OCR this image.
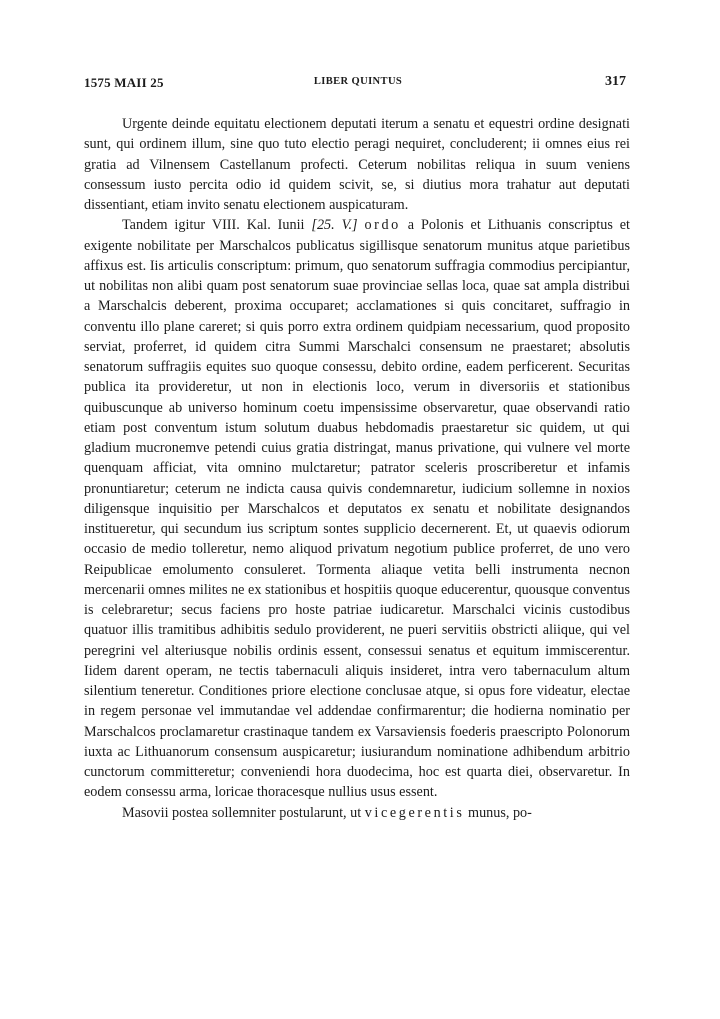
1575 MAII 25	LIBER QUINTUS	317

Urgente deinde equitatu electionem deputati iterum a senatu et equestri ordine designati sunt, qui ordinem illum, sine quo tuto electio peragi nequiret, concluderent; ii omnes eius rei gratia ad Vilnensem Castellanum profecti. Ceterum nobilitas reliqua in suum veniens consessum iusto percita odio id quidem scivit, se, si diutius mora trahatur aut deputati dissentiant, etiam invito senatu electionem auspicaturam.

Tandem igitur VIII. Kal. Iunii [25. V.] ordo a Polonis et Lithuanis conscriptus et exigente nobilitate per Marschalcos publicatus sigillisque senatorum munitus atque parietibus affixus est. Iis articulis conscriptum: primum, quo senatorum suffragia commodius percipiantur, ut nobilitas non alibi quam post senatorum suae provinciae sellas loca, quae sat ampla distribui a Marschalcis deberent, proxima occuparet; acclamationes si quis concitaret, suffragio in conventu illo plane careret; si quis porro extra ordinem quidpiam necessarium, quod proposito serviat, proferret, id quidem citra Summi Marschalci consensum ne praestaret; absolutis senatorum suffragiis equites suo quoque consessu, debito ordine, eadem perficerent. Securitas publica ita provideretur, ut non in electionis loco, verum in diversoriis et stationibus quibuscunque ab universo hominum coetu impensissime observaretur, quae observandi ratio etiam post conventum istum solutum duabus hebdomadis praestaretur sic quidem, ut qui gladium mucronemve petendi cuius gratia distringat, manus privatione, qui vulnere vel morte quenquam afficiat, vita omnino mulctaretur; patrator sceleris proscriberetur et infamis pronuntiaretur; ceterum ne indicta causa quivis condemnaretur, iudicium sollemne in noxios diligensque inquisitio per Marschalcos et deputatos ex senatu et nobilitate designandos institueretur, qui secundum ius scriptum sontes supplicio decernerent. Et, ut quaevis odiorum occasio de medio tolleretur, nemo aliquod privatum negotium publice proferret, de uno vero Reipublicae emolumento consuleret. Tormenta aliaque vetita belli instrumenta necnon mercenarii omnes milites ne ex stationibus et hospitiis quoque educerentur, quousque conventus is celebraretur; secus faciens pro hoste patriae iudicaretur. Marschalci vicinis custodibus quatuor illis tramitibus adhibitis sedulo providerent, ne pueri servitiis obstricti aliique, qui vel peregrini vel alteriusque nobilis ordinis essent, consessui senatus et equitum immiscerentur. Iidem darent operam, ne tectis tabernaculi aliquis insideret, intra vero tabernaculum altum silentium teneretur. Conditiones priore electione conclusae atque, si opus fore videatur, electae in regem personae vel immutandae vel addendae confirmarentur; die hodierna nominatio per Marschalcos proclamaretur crastinaque tandem ex Varsaviensis foederis praescripto Polonorum iuxta ac Lithuanorum consensum auspicaretur; iusiurandum nominatione adhibendum arbitrio cunctorum committeretur; conveniendi hora duodecima, hoc est quarta diei, observaretur. In eodem consessu arma, loricae thoracesque nullius usus essent.

Masovii postea sollemniter postularunt, ut vicegerentis munus, po-
